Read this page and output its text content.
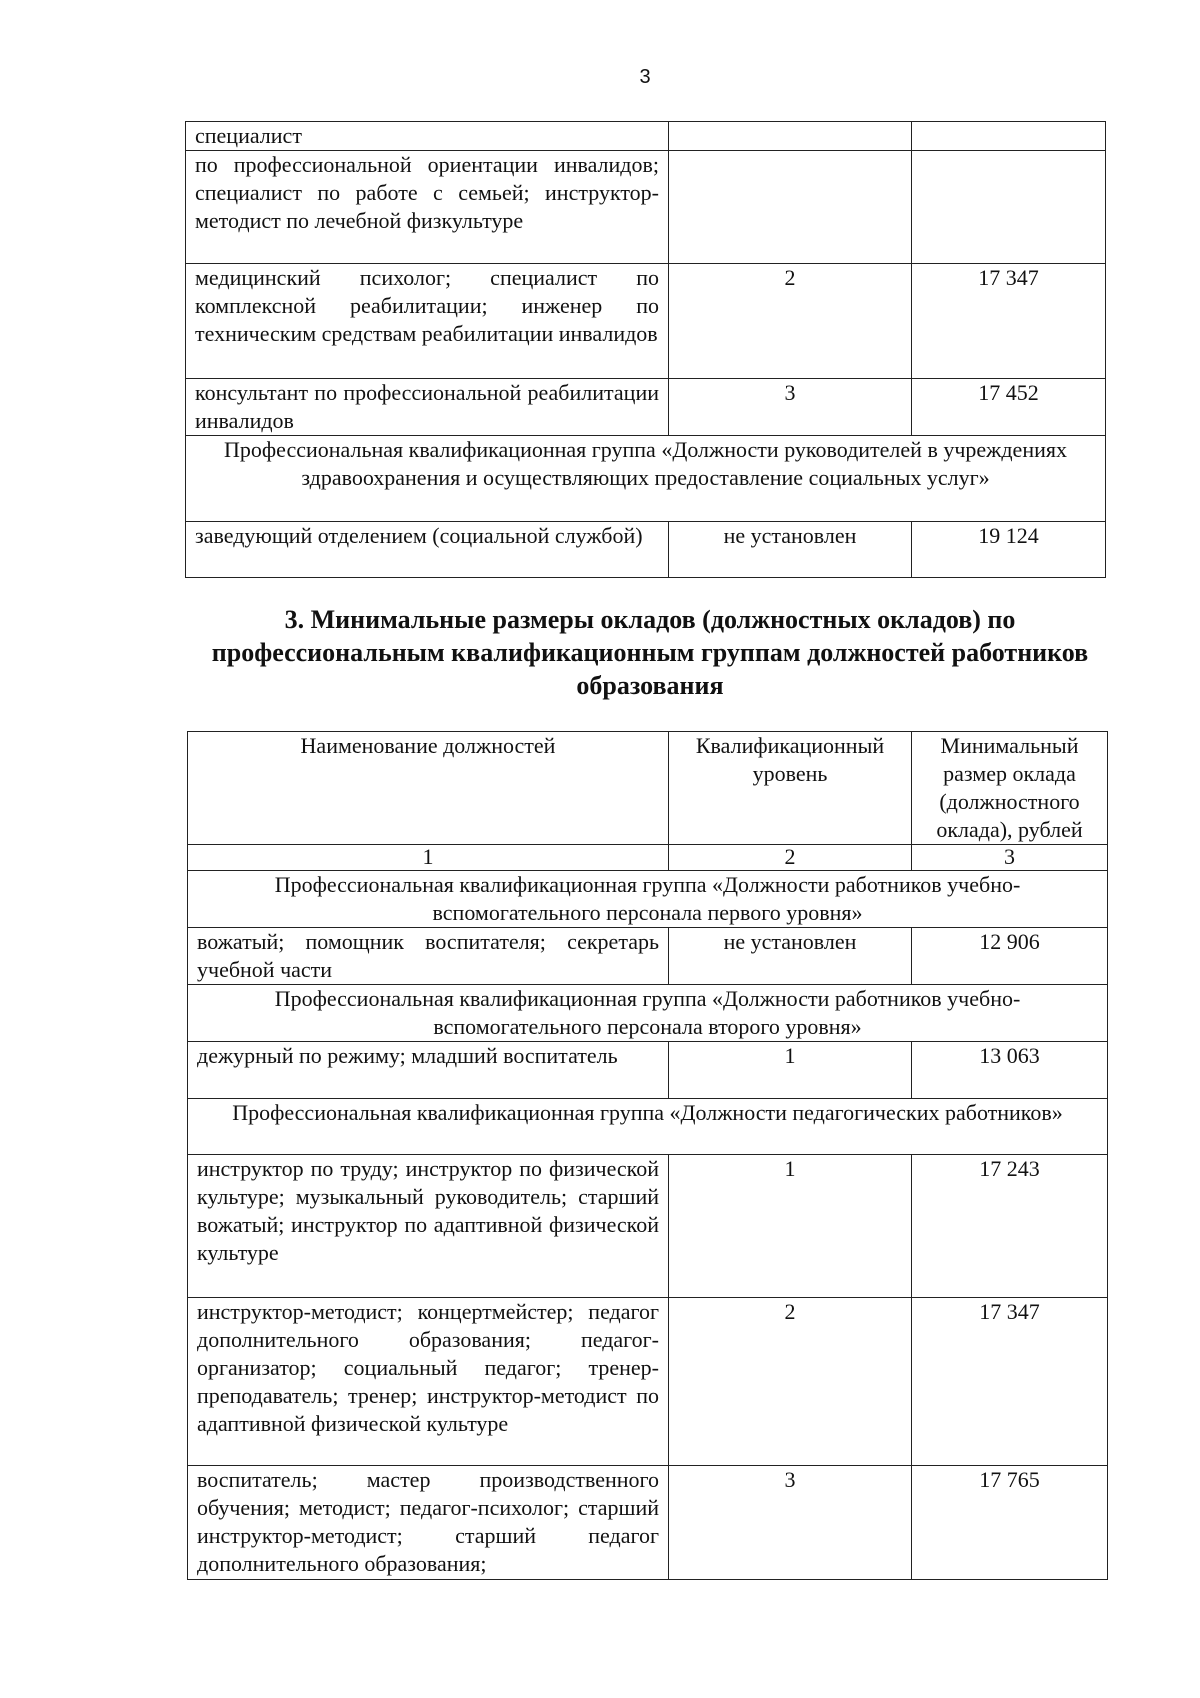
3
специалист		
по профессиональной ориентации инвалидов; специалист по работе с семьей; инструктор-методист по лечебной физкультуре		
медицинский психолог; специалист по комплексной реабилитации; инженер по техническим средствам реабилитации инвалидов	2	17 347
консультант по профессиональной реабилитации инвалидов	3	17 452
Профессиональная квалификационная группа «Должности руководителей в учреждениях здравоохранения и осуществляющих предоставление социальных услуг»		
заведующий отделением (социальной службой)	не установлен	19 124
3. Минимальные размеры окладов (должностных окладов) по профессиональным квалификационным группам должностей работников образования
Наименование должностей	Квалификационный уровень	Минимальный размер оклада (должностного оклада), рублей
1	2	3
Профессиональная квалификационная группа «Должности работников учебно-вспомогательного персонала первого уровня»		
вожатый; помощник воспитателя; секретарь учебной части	не установлен	12 906
Профессиональная квалификационная группа «Должности работников учебно-вспомогательного персонала второго уровня»		
дежурный по режиму; младший воспитатель	1	13 063
Профессиональная квалификационная группа «Должности педагогических работников»		
инструктор по труду; инструктор по физической культуре; музыкальный руководитель; старший вожатый; инструктор по адаптивной физической культуре	1	17 243
инструктор-методист; концертмейстер; педагог дополнительного образования; педагог-организатор; социальный педагог; тренер-преподаватель; тренер; инструктор-методист по адаптивной физической культуре	2	17 347
воспитатель; мастер производственного обучения; методист; педагог-психолог; старший инструктор-методист; старший педагог дополнительного образования;	3	17 765
